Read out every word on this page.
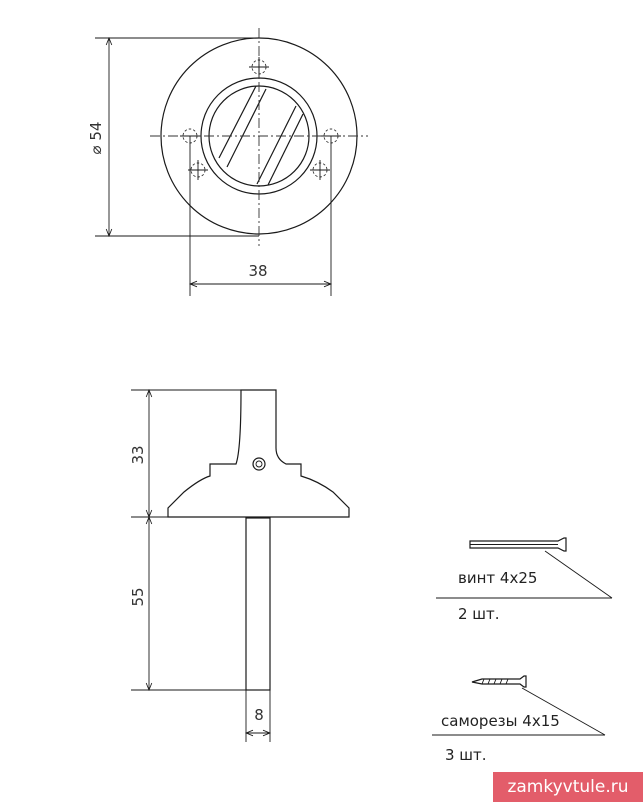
⌀ 54
38
33
55
8
винт 4x25
2 шт.
саморезы 4x15
3 шт.
zamkyvtule.ru
